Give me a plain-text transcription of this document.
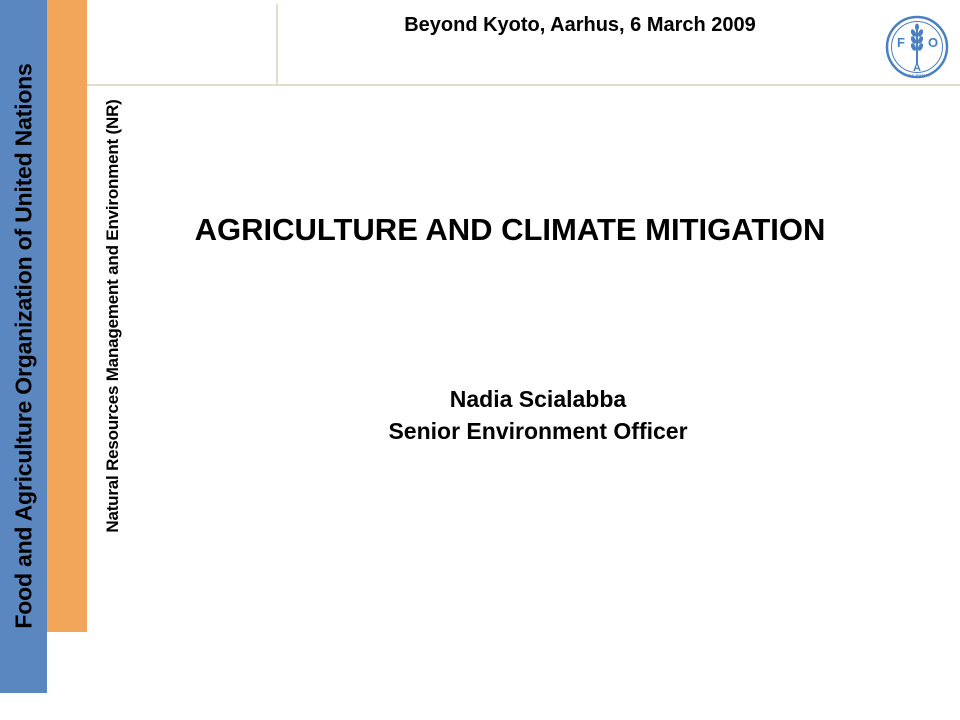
Food and Agriculture Organization of United Nations	Natural Resources Management and Environment (NR)
Beyond Kyoto, Aarhus, 6 March 2009
F
A
O
FIAT PANIS
AGRICULTURE AND CLIMATE MITIGATION
Nadia Scialabba
Senior Environment Officer
